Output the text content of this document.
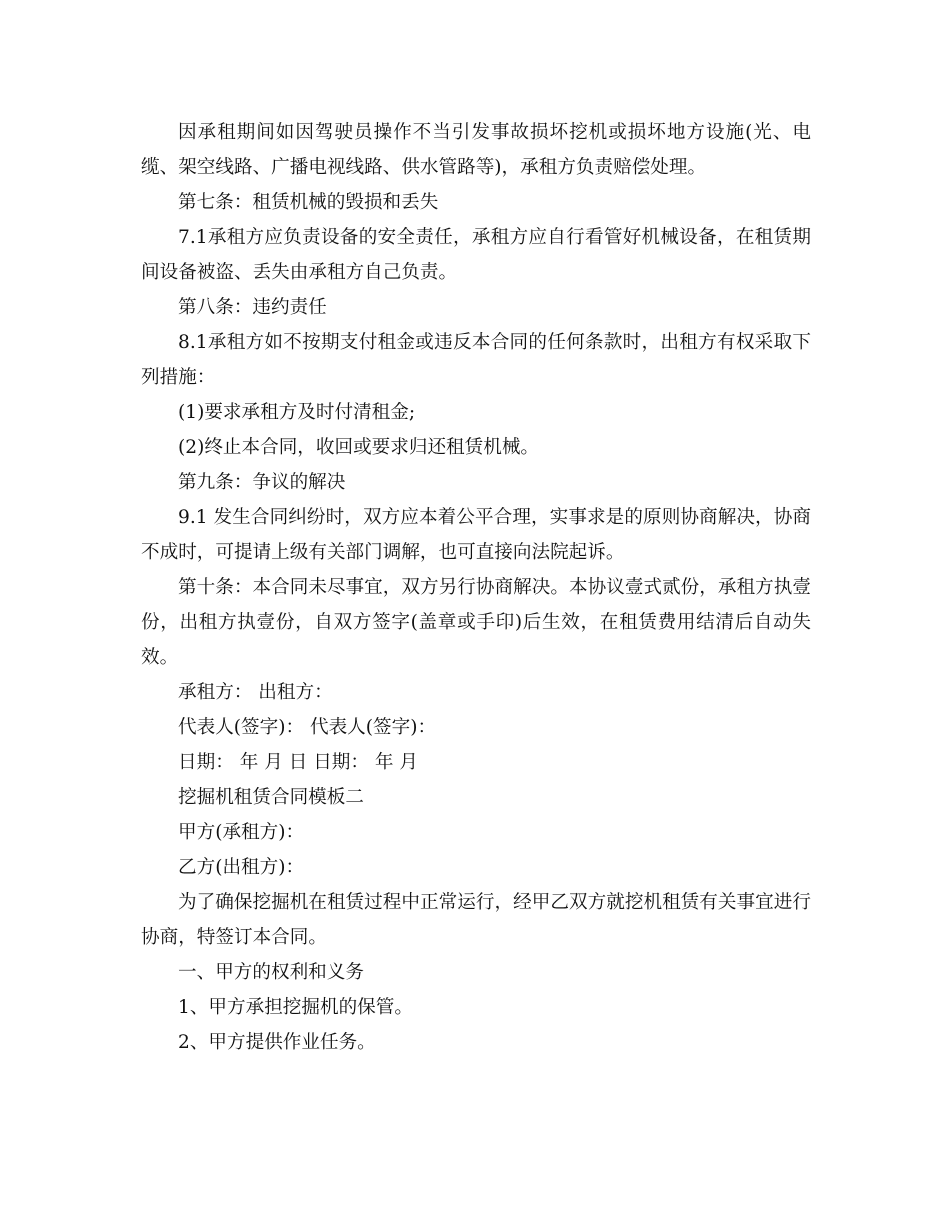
因承租期间如因驾驶员操作不当引发事故损坏挖机或损坏地方设施(光、电缆、架空线路、广播电视线路、供水管路等)，承租方负责赔偿处理。

第七条：租赁机械的毁损和丢失

7.1承租方应负责设备的安全责任，承租方应自行看管好机械设备，在租赁期间设备被盗、丢失由承租方自己负责。

第八条：违约责任

8.1承租方如不按期支付租金或违反本合同的任何条款时，出租方有权采取下列措施：

(1)要求承租方及时付清租金;

(2)终止本合同，收回或要求归还租赁机械。

第九条：争议的解决

9.1 发生合同纠纷时，双方应本着公平合理，实事求是的原则协商解决，协商不成时，可提请上级有关部门调解，也可直接向法院起诉。

第十条：本合同未尽事宜，双方另行协商解决。本协议壹式贰份，承租方执壹份，出租方执壹份，自双方签字(盖章或手印)后生效，在租赁费用结清后自动失效。

承租方： 出租方：

代表人(签字)： 代表人(签字)：

日期： 年 月 日 日期： 年 月

挖掘机租赁合同模板二

甲方(承租方)：

乙方(出租方)：

为了确保挖掘机在租赁过程中正常运行，经甲乙双方就挖机租赁有关事宜进行协商，特签订本合同。

一、甲方的权利和义务

1、甲方承担挖掘机的保管。

2、甲方提供作业任务。
